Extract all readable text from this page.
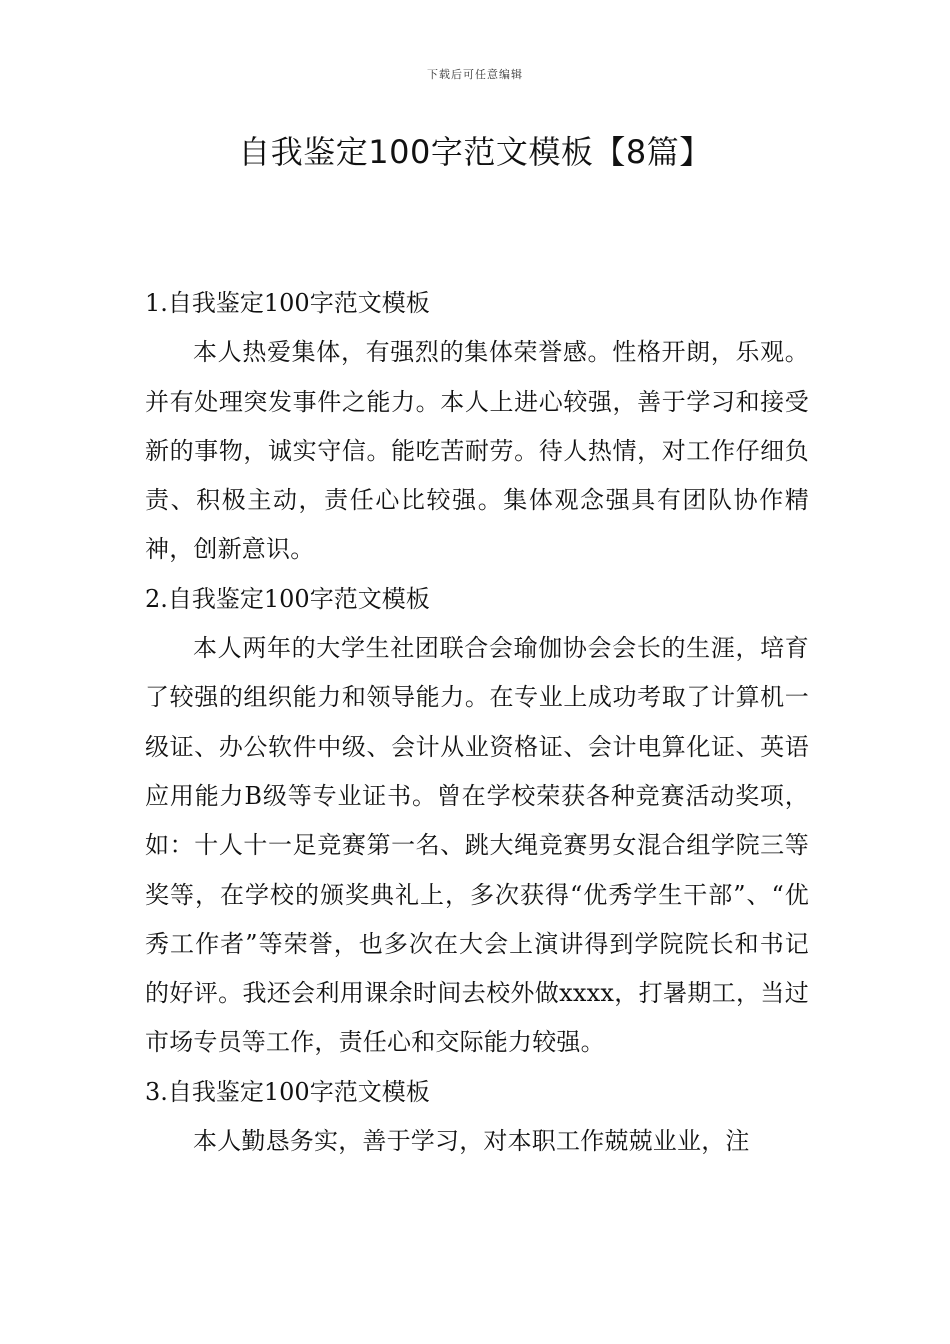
下载后可任意编辑
自我鉴定100字范文模板【8篇】

1.自我鉴定100字范文模板

本人热爱集体，有强烈的集体荣誉感。性格开朗，乐观。并有处理突发事件之能力。本人上进心较强，善于学习和接受新的事物，诚实守信。能吃苦耐劳。待人热情，对工作仔细负责、积极主动，责任心比较强。集体观念强具有团队协作精神，创新意识。

2.自我鉴定100字范文模板

本人两年的大学生社团联合会瑜伽协会会长的生涯，培育了较强的组织能力和领导能力。在专业上成功考取了计算机一级证、办公软件中级、会计从业资格证、会计电算化证、英语应用能力B级等专业证书。曾在学校荣获各种竞赛活动奖项，如：十人十一足竞赛第一名、跳大绳竞赛男女混合组学院三等奖等，在学校的颁奖典礼上，多次获得“优秀学生干部”、“优秀工作者”等荣誉，也多次在大会上演讲得到学院院长和书记的好评。我还会利用课余时间去校外做xxxx，打暑期工，当过市场专员等工作，责任心和交际能力较强。

3.自我鉴定100字范文模板

本人勤恳务实，善于学习，对本职工作兢兢业业，注
